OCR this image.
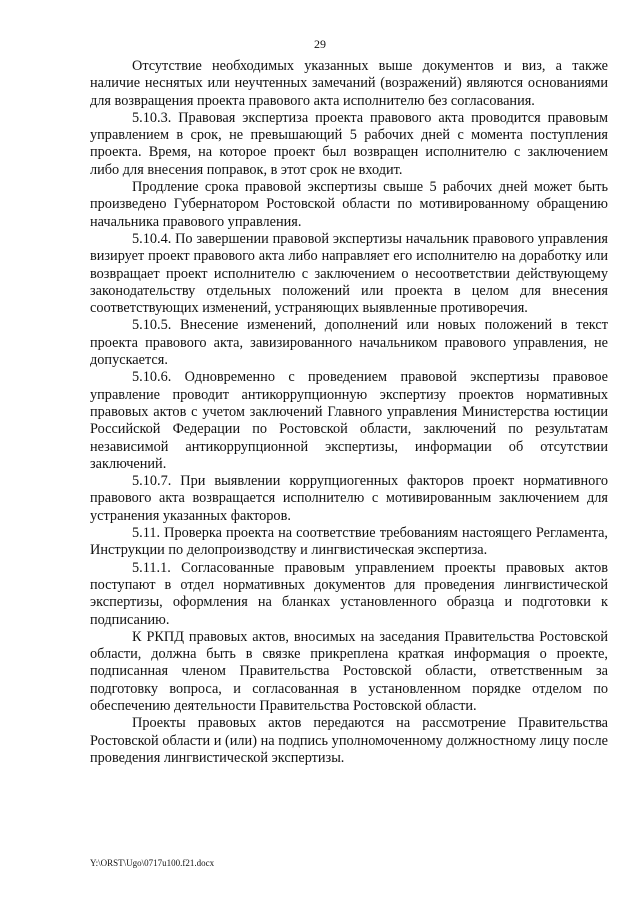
29

Отсутствие необходимых указанных выше документов и виз, а также наличие неснятых или неучтенных замечаний (возражений) являются основаниями для возвращения проекта правового акта исполнителю без согласования.

5.10.3. Правовая экспертиза проекта правового акта проводится правовым управлением в срок, не превышающий 5 рабочих дней с момента поступления проекта. Время, на которое проект был возвращен исполнителю с заключением либо для внесения поправок, в этот срок не входит.

Продление срока правовой экспертизы свыше 5 рабочих дней может быть произведено Губернатором Ростовской области по мотивированному обращению начальника правового управления.

5.10.4. По завершении правовой экспертизы начальник правового управления визирует проект правового акта либо направляет его исполнителю на доработку или возвращает проект исполнителю с заключением о несоответствии действующему законодательству отдельных положений или проекта в целом для внесения соответствующих изменений, устраняющих выявленные противоречия.

5.10.5. Внесение изменений, дополнений или новых положений в текст проекта правового акта, завизированного начальником правового управления, не допускается.

5.10.6. Одновременно с проведением правовой экспертизы правовое управление проводит антикоррупционную экспертизу проектов нормативных правовых актов с учетом заключений Главного управления Министерства юстиции Российской Федерации по Ростовской области, заключений по результатам независимой антикоррупционной экспертизы, информации об отсутствии заключений.

5.10.7. При выявлении коррупциогенных факторов проект нормативного правового акта возвращается исполнителю с мотивированным заключением для устранения указанных факторов.

5.11. Проверка проекта на соответствие требованиям настоящего Регламента, Инструкции по делопроизводству и лингвистическая экспертиза.

5.11.1. Согласованные правовым управлением проекты правовых актов поступают в отдел нормативных документов для проведения лингвистической экспертизы, оформления на бланках установленного образца и подготовки к подписанию.

К РКПД правовых актов, вносимых на заседания Правительства Ростовской области, должна быть в связке прикреплена краткая информация о проекте, подписанная членом Правительства Ростовской области, ответственным за подготовку вопроса, и согласованная в установленном порядке отделом по обеспечению деятельности Правительства Ростовской области.

Проекты правовых актов передаются на рассмотрение Правительства Ростовской области и (или) на подпись уполномоченному должностному лицу после проведения лингвистической экспертизы.

Y:\ORST\Ugo\0717u100.f21.docx
